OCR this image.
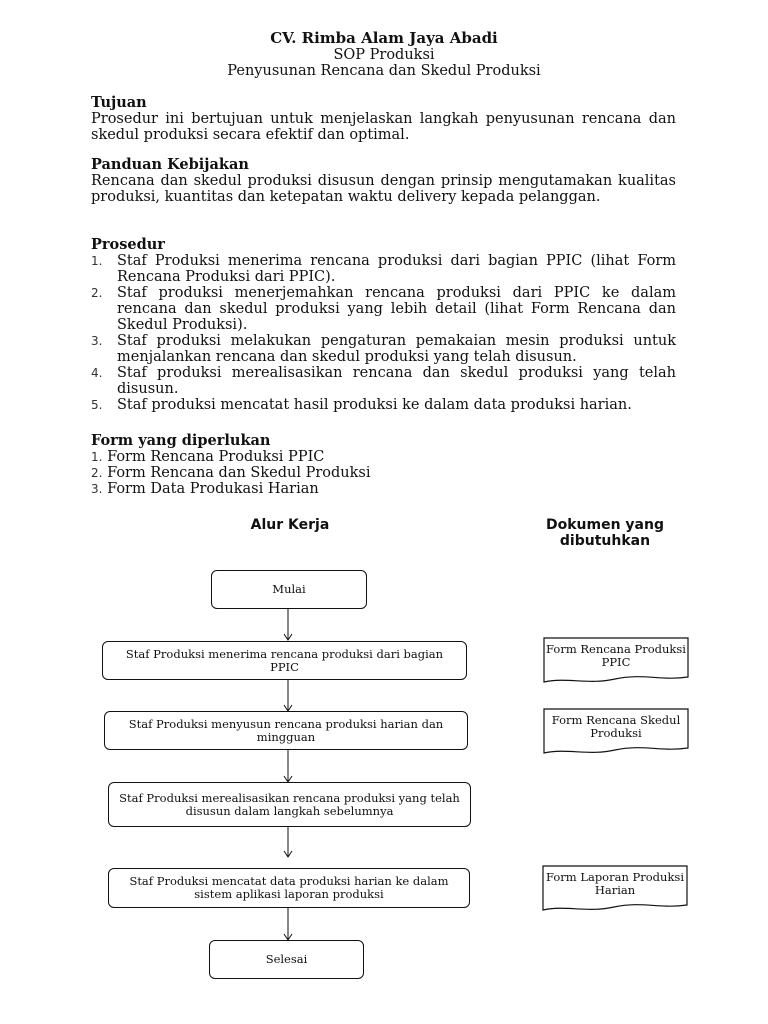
CV. Rimba Alam Jaya Abadi
SOP Produksi
Penyusunan Rencana dan Skedul Produksi
Tujuan
Prosedur ini bertujuan untuk menjelaskan langkah penyusunan rencana dan skedul produksi secara efektif dan optimal.
Panduan Kebijakan
Rencana dan skedul produksi disusun dengan prinsip mengutamakan kualitas produksi, kuantitas dan ketepatan waktu delivery kepada pelanggan.
Prosedur
1. Staf Produksi menerima rencana produksi dari bagian PPIC (lihat Form Rencana Produksi dari PPIC).
2. Staf produksi menerjemahkan rencana produksi dari PPIC ke dalam rencana dan skedul produksi yang lebih detail (lihat Form Rencana dan Skedul Produksi).
3. Staf produksi melakukan pengaturan pemakaian mesin produksi untuk menjalankan rencana dan skedul produksi yang telah disusun.
4. Staf produksi merealisasikan rencana dan skedul produksi yang telah disusun.
5. Staf produksi mencatat hasil produksi ke dalam data produksi harian.
Form yang diperlukan
1. Form Rencana Produksi PPIC
2. Form Rencana dan Skedul Produksi
3. Form Data Produkasi Harian
Alur Kerja	Dokumen yang
dibutuhkan
Mulai
Staf Produksi menerima rencana produksi dari bagian PPIC
Staf Produksi menyusun rencana produksi harian dan mingguan
Staf Produksi merealisasikan rencana produksi yang telah disusun dalam langkah sebelumnya
Staf Produksi mencatat data produksi harian ke dalam sistem aplikasi laporan produksi
Selesai
Form Rencana Produksi PPIC
Form Rencana Skedul Produksi
Form Laporan Produksi Harian
